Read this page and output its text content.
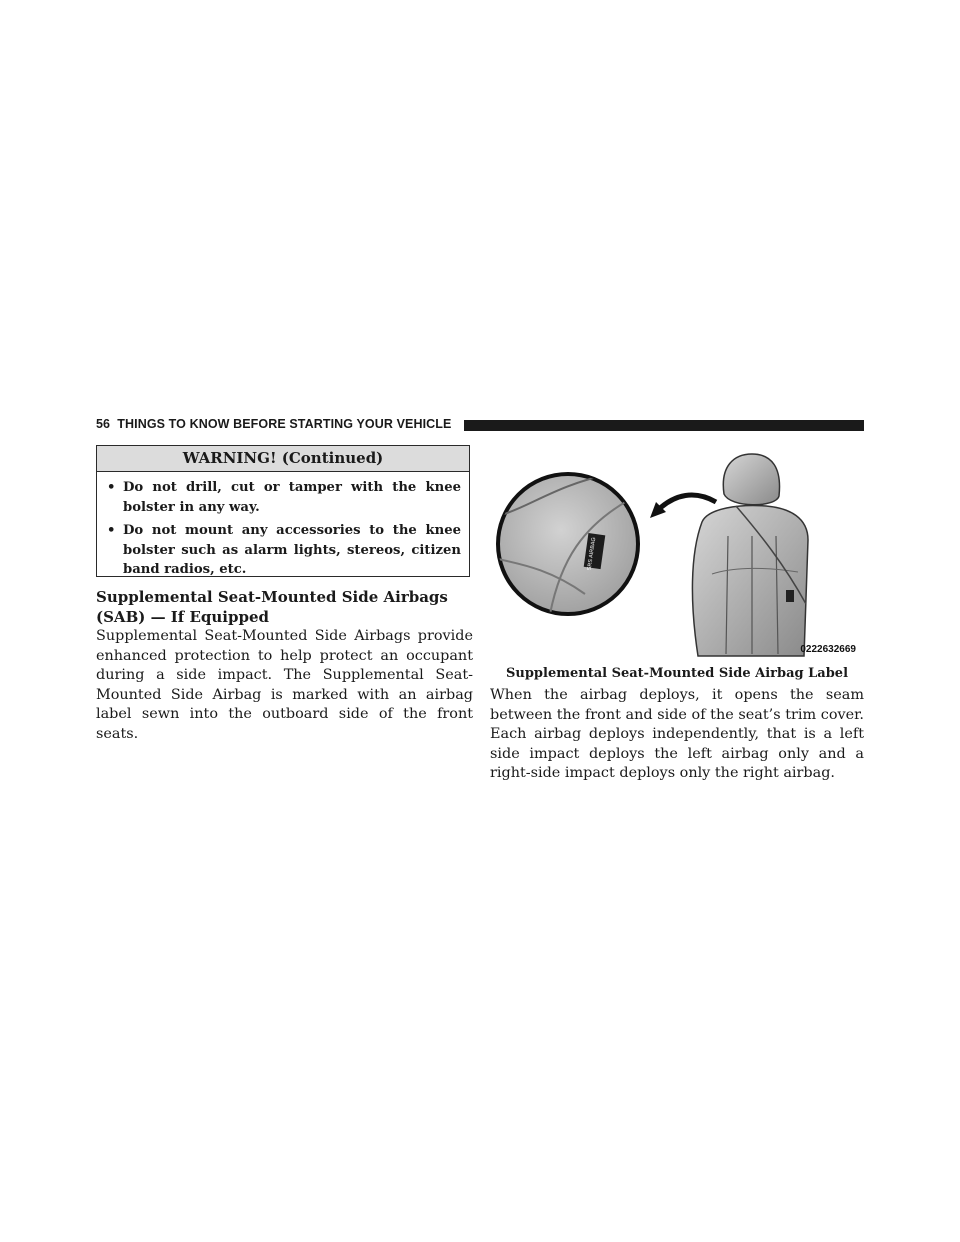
56 THINGS TO KNOW BEFORE STARTING YOUR VEHICLE
WARNING! (Continued)
• Do not drill, cut or tamper with the knee bolster in any way.
• Do not mount any accessories to the knee bolster such as alarm lights, stereos, citizen band radios, etc.
Supplemental Seat-Mounted Side Airbags (SAB) — If Equipped

Supplemental Seat-Mounted Side Airbags provide enhanced protection to help protect an occupant during a side impact. The Supplemental Seat-Mounted Side Airbag is marked with an airbag label sewn into the outboard side of the front seats.

SRS AIRBAG
0222632669
Supplemental Seat-Mounted Side Airbag Label

When the airbag deploys, it opens the seam between the front and side of the seat’s trim cover. Each airbag deploys independently, that is a left side impact deploys the left airbag only and a right-side impact deploys only the right airbag.
